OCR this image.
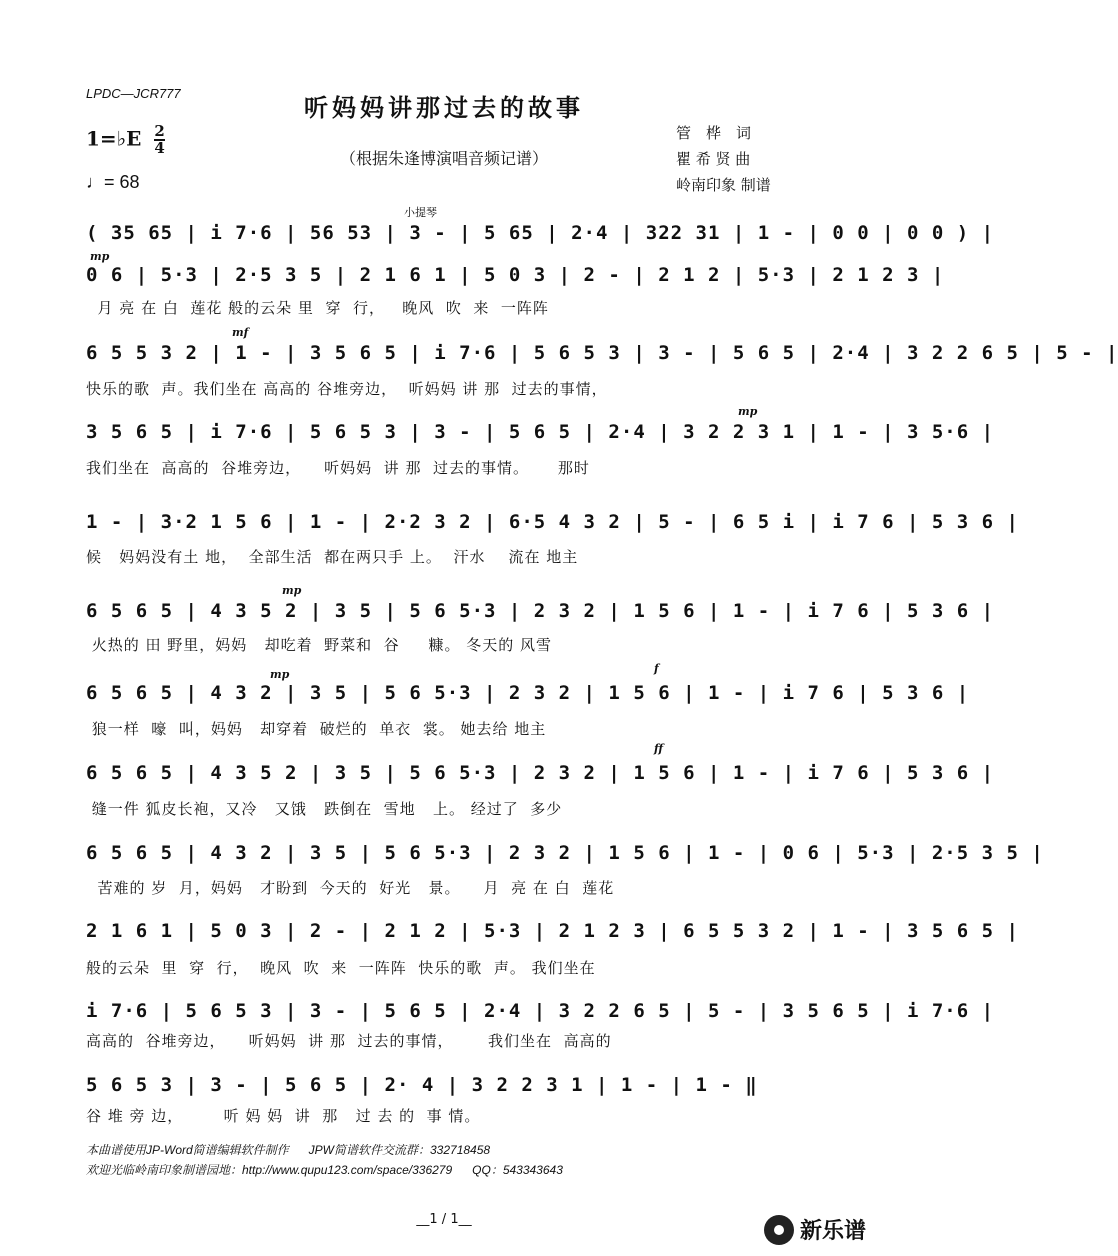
LPDC—JCR777	听妈妈讲那过去的故事
（根据朱逢博演唱音频记谱）
1=♭E $\frac{2}{4}$
♩= 68
管　桦　词
瞿 希 贤 曲
岭南印象 制谱
小提琴
mp
mf
mp
mp
mp	f
ff
( 35 65 | i 7·6 | 56 53 | 3 - | 5 65 | 2·4 | 322 31 | 1 - | 0 0 | 0 0 ) |
0 6 | 5·3 | 2·5 3 5 | 2 1 6 1 | 5 0 3 | 2 - | 2 1 2 | 5·3 | 2 1 2 3 |
月 亮 在 白  莲花 般的云朵 里  穿  行，   晚风  吹  来  一阵阵
6 5 5 3 2 | 1 - | 3 5 6 5 | i 7·6 | 5 6 5 3 | 3 - | 5 6 5 | 2·4 | 3 2 2 6 5 | 5 - |
快乐的歌  声。我们坐在 高高的 谷堆旁边，  听妈妈 讲 那  过去的事情，
3 5 6 5 | i 7·6 | 5 6 5 3 | 3 - | 5 6 5 | 2·4 | 3 2 2 3 1 | 1 - | 3 5·6 |
我们坐在  高高的  谷堆旁边，    听妈妈  讲 那  过去的事情。     那时
1 - | 3·2 1 5 6 | 1 - | 2·2 3 2 | 6·5 4 3 2 | 5 - | 6 5 i | i 7 6 | 5 3 6 |
候   妈妈没有土 地，  全部生活  都在两只手 上。  汗水    流在 地主
6 5 6 5 | 4 3 5 2 | 3 5 | 5 6 5·3 | 2 3 2 | 1 5 6 | 1 - | i 7 6 | 5 3 6 |
火热的 田 野里，妈妈   却吃着  野菜和  谷     糠。 冬天的 风雪
6 5 6 5 | 4 3 2 | 3 5 | 5 6 5·3 | 2 3 2 | 1 5 6 | 1 - | i 7 6 | 5 3 6 |
狼一样  嚎  叫，妈妈   却穿着  破烂的  单衣  裳。 她去给 地主
6 5 6 5 | 4 3 5 2 | 3 5 | 5 6 5·3 | 2 3 2 | 1 5 6 | 1 - | i 7 6 | 5 3 6 |
缝一件 狐皮长袍，又冷   又饿   跌倒在  雪地   上。 经过了  多少
6 5 6 5 | 4 3 2 | 3 5 | 5 6 5·3 | 2 3 2 | 1 5 6 | 1 - | 0 6 | 5·3 | 2·5 3 5 |
苦难的 岁  月，妈妈   才盼到  今天的  好光   景。    月  亮 在 白  莲花
2 1 6 1 | 5 0 3 | 2 - | 2 1 2 | 5·3 | 2 1 2 3 | 6 5 5 3 2 | 1 - | 3 5 6 5 |
般的云朵  里  穿  行，  晚风  吹  来  一阵阵  快乐的歌  声。 我们坐在
i 7·6 | 5 6 5 3 | 3 - | 5 6 5 | 2·4 | 3 2 2 6 5 | 5 - | 3 5 6 5 | i 7·6 |
高高的  谷堆旁边，    听妈妈  讲 那  过去的事情，      我们坐在  高高的
5 6 5 3 | 3 - | 5 6 5 | 2· 4 | 3 2 2 3 1 | 1 - | 1 - ‖
谷 堆 旁 边，       听 妈 妈  讲  那   过 去 的  事 情。
本曲谱使用JP-Word简谱编辑软件制作      JPW简谱软件交流群：332718458
欢迎光临岭南印象制谱园地：http://www.qupu123.com/space/336279      QQ：543343643
__1 / 1__	新乐谱
